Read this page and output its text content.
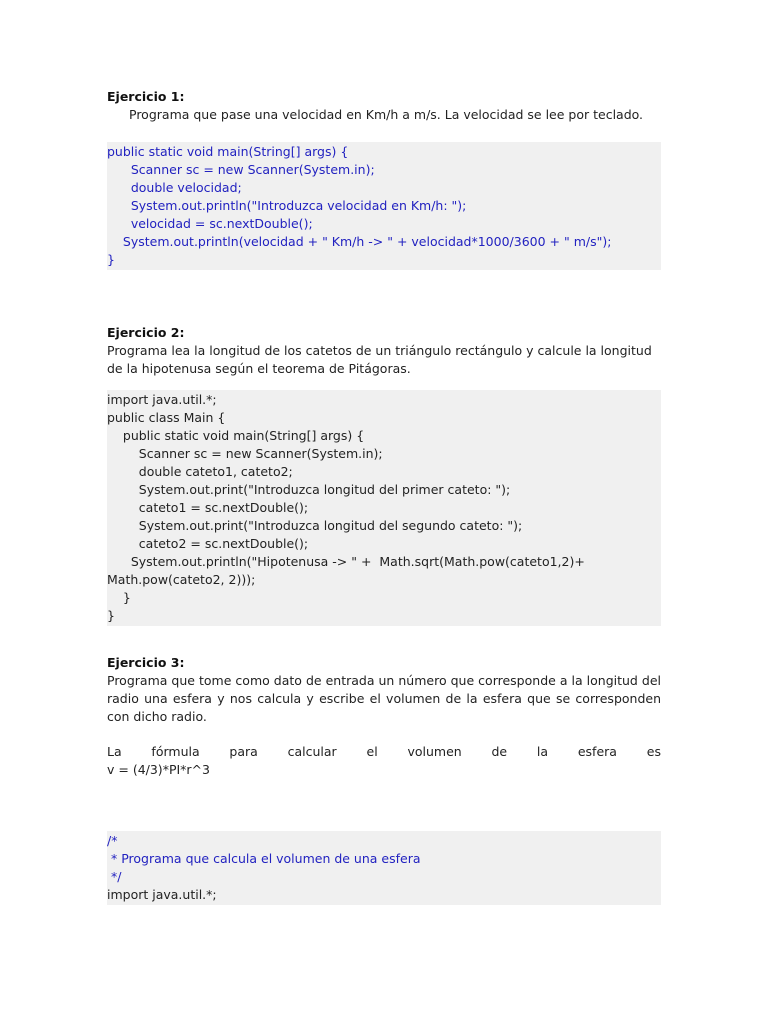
Ejercicio 1:
Programa que pase una velocidad en Km/h a m/s. La velocidad se lee por teclado.
public static void main(String[] args) {
Scanner sc = new Scanner(System.in);
double velocidad;
System.out.println("Introduzca velocidad en Km/h: ");
velocidad = sc.nextDouble();
System.out.println(velocidad + " Km/h -> " + velocidad*1000/3600 + " m/s");
}
Ejercicio 2:
Programa lea la longitud de los catetos de un triángulo rectángulo y calcule la longitud de la hipotenusa según el teorema de Pitágoras.
import java.util.*;
public class Main {
public static void main(String[] args) {
Scanner sc = new Scanner(System.in);
double cateto1, cateto2;
System.out.print("Introduzca longitud del primer cateto: ");
cateto1 = sc.nextDouble();
System.out.print("Introduzca longitud del segundo cateto: ");
cateto2 = sc.nextDouble();
System.out.println("Hipotenusa -> " +  Math.sqrt(Math.pow(cateto1,2)+
Math.pow(cateto2, 2)));
}
}
Ejercicio 3:
Programa que tome como dato de entrada un número que corresponde a la longitud del radio una esfera y nos calcula y escribe el volumen de la esfera que se corresponden con dicho radio.
La fórmula para calcular el volumen de la esfera es
v = (4/3)*PI*r^3
/*
* Programa que calcula el volumen de una esfera
*/
import java.util.*;
